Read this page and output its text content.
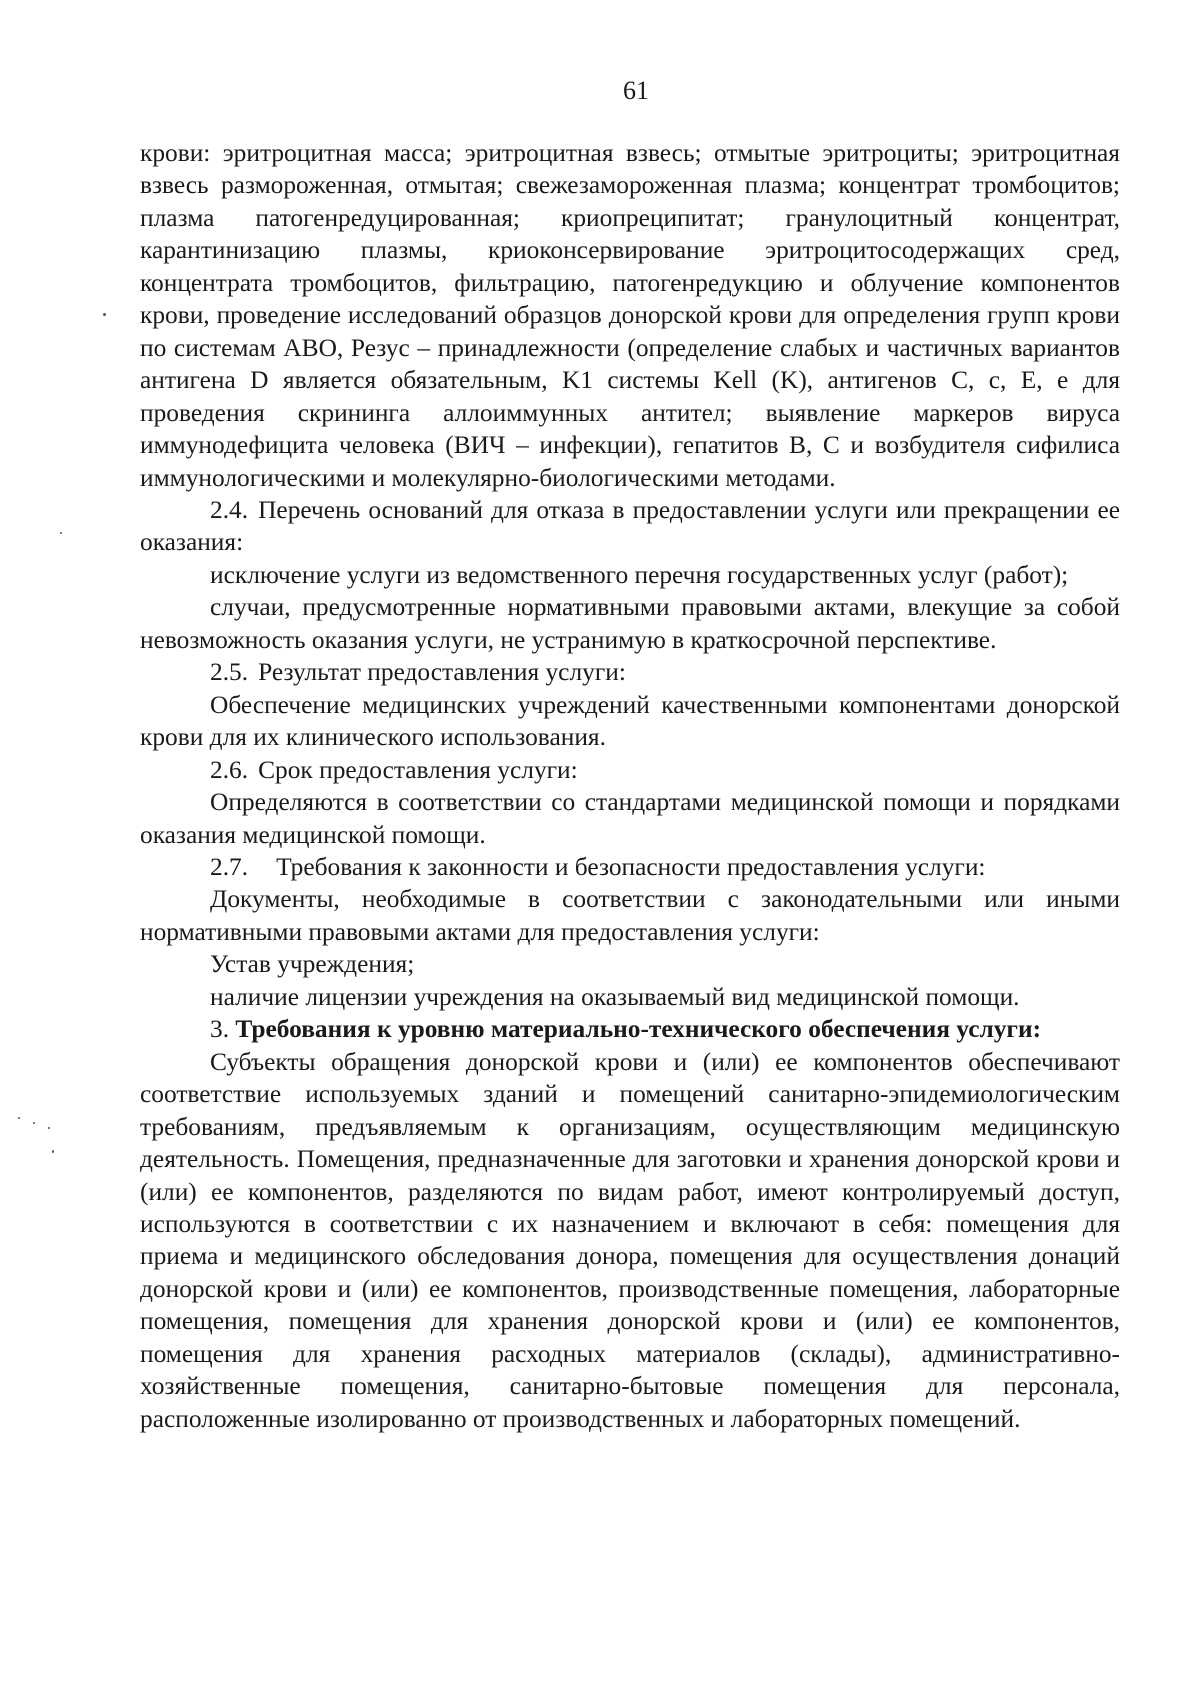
61

крови: эритроцитная масса; эритроцитная взвесь; отмытые эритроциты; эритроцитная взвесь размороженная, отмытая; свежезамороженная плазма; концентрат тромбоцитов; плазма патогенредуцированная; криопреципитат; гранулоцитный концентрат, карантинизацию плазмы, криоконсервирование эритроцитосодержащих сред, концентрата тромбоцитов, фильтрацию, патогенредукцию и облучение компонентов крови, проведение исследований образцов донорской крови для определения групп крови по системам АВО, Резус – принадлежности (определение слабых и частичных вариантов антигена D является обязательным, K1 системы Kell (K), антигенов C, c, E, e для проведения скрининга аллоиммунных антител; выявление маркеров вируса иммунодефицита человека (ВИЧ – инфекции), гепатитов B, C и возбудителя сифилиса иммунологическими и молекулярно-биологическими методами.

2.4. Перечень оснований для отказа в предоставлении услуги или прекращении ее оказания:

исключение услуги из ведомственного перечня государственных услуг (работ);

случаи, предусмотренные нормативными правовыми актами, влекущие за собой невозможность оказания услуги, не устранимую в краткосрочной перспективе.

2.5. Результат предоставления услуги:

Обеспечение медицинских учреждений качественными компонентами донорской крови для их клинического использования.

2.6. Срок предоставления услуги:

Определяются в соответствии со стандартами медицинской помощи и порядками оказания медицинской помощи.

2.7. Требования к законности и безопасности предоставления услуги:

Документы, необходимые в соответствии с законодательными или иными нормативными правовыми актами для предоставления услуги:

Устав учреждения;

наличие лицензии учреждения на оказываемый вид медицинской помощи.

3. Требования к уровню материально-технического обеспечения услуги:

Субъекты обращения донорской крови и (или) ее компонентов обеспечивают соответствие используемых зданий и помещений санитарно-эпидемиологическим требованиям, предъявляемым к организациям, осуществляющим медицинскую деятельность. Помещения, предназначенные для заготовки и хранения донорской крови и (или) ее компонентов, разделяются по видам работ, имеют контролируемый доступ, используются в соответствии с их назначением и включают в себя: помещения для приема и медицинского обследования донора, помещения для осуществления донаций донорской крови и (или) ее компонентов, производственные помещения, лабораторные помещения, помещения для хранения донорской крови и (или) ее компонентов, помещения для хранения расходных материалов (склады), административно-хозяйственные помещения, санитарно-бытовые помещения для персонала, расположенные изолированно от производственных и лабораторных помещений.
